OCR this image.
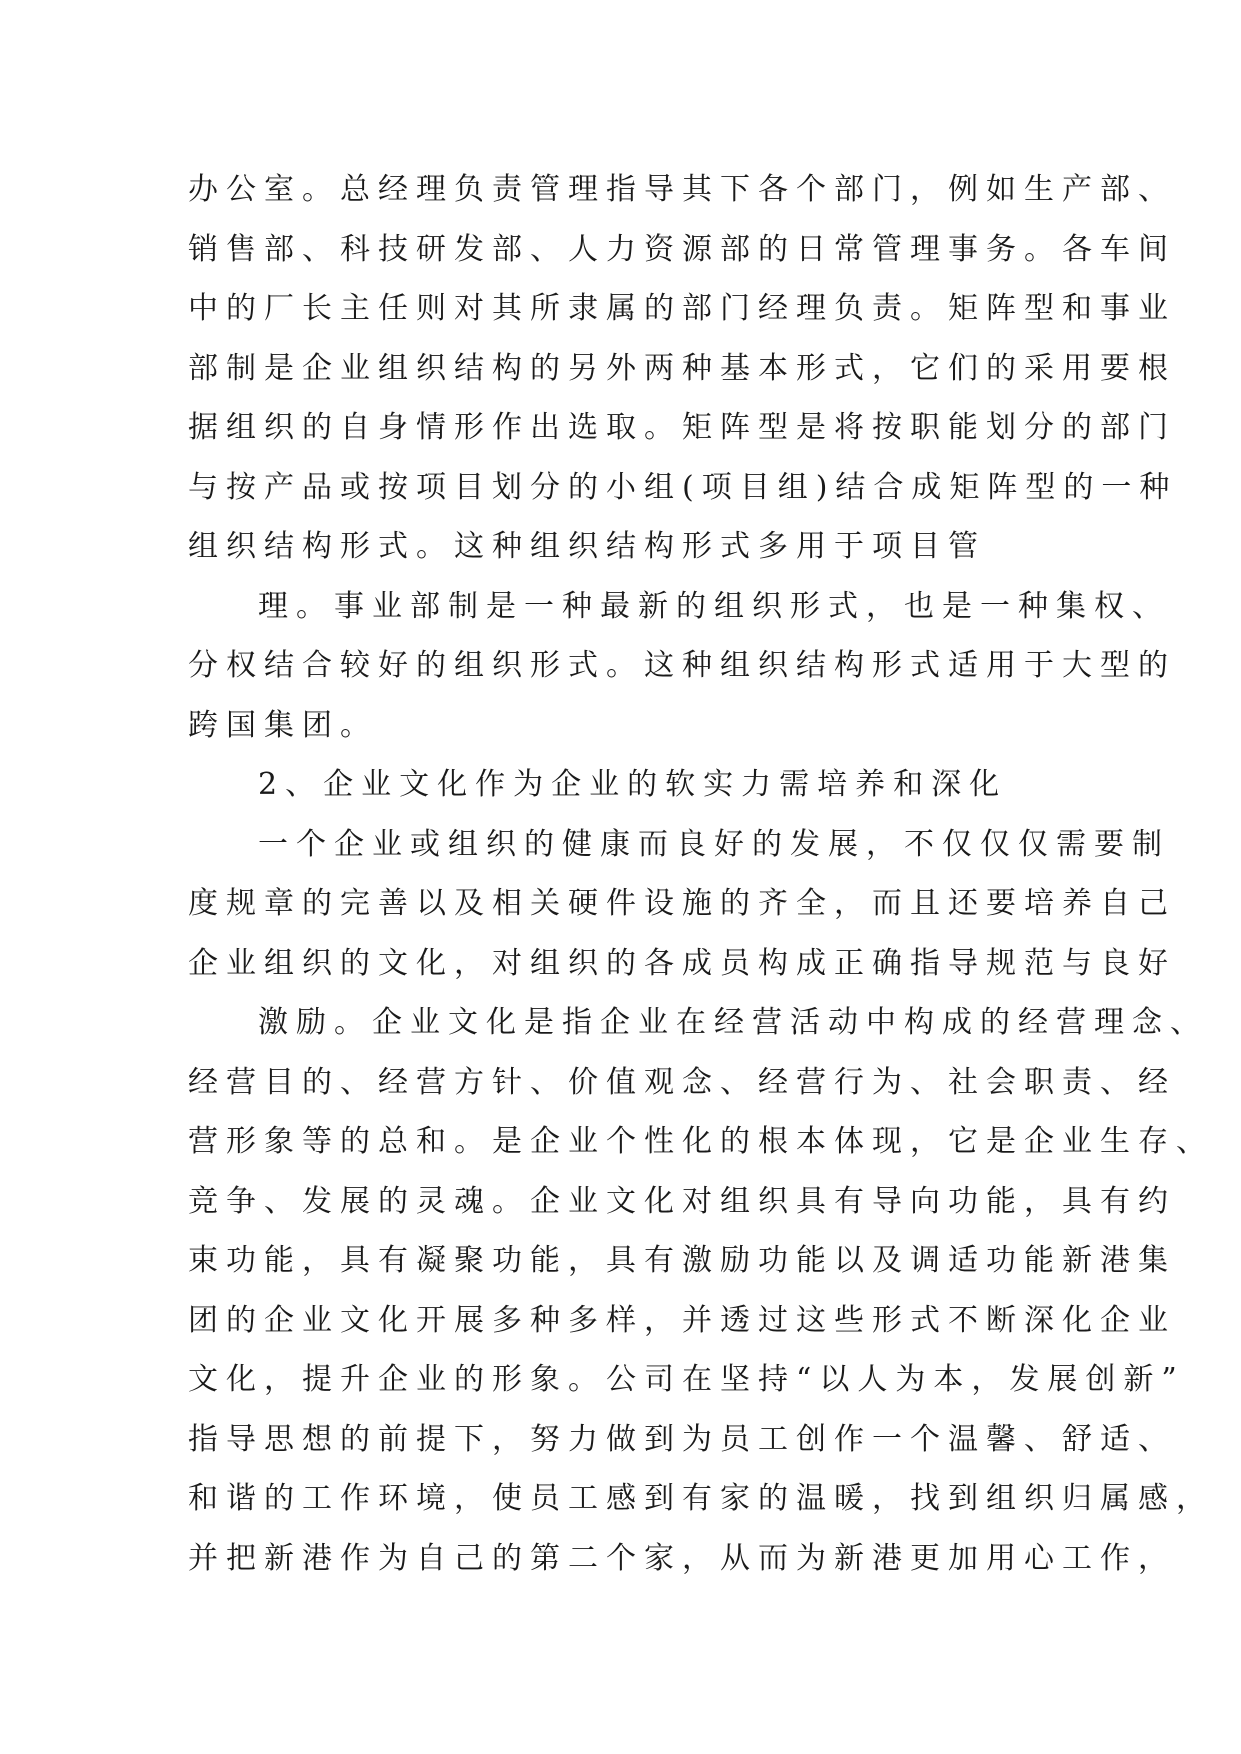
办公室。总经理负责管理指导其下各个部门，例如生产部、
销售部、科技研发部、人力资源部的日常管理事务。各车间
中的厂长主任则对其所隶属的部门经理负责。矩阵型和事业
部制是企业组织结构的另外两种基本形式，它们的采用要根
据组织的自身情形作出选取。矩阵型是将按职能划分的部门
与按产品或按项目划分的小组(项目组)结合成矩阵型的一种
组织结构形式。这种组织结构形式多用于项目管
理。事业部制是一种最新的组织形式，也是一种集权、
分权结合较好的组织形式。这种组织结构形式适用于大型的
跨国集团。
2、企业文化作为企业的软实力需培养和深化
一个企业或组织的健康而良好的发展，不仅仅仅需要制
度规章的完善以及相关硬件设施的齐全，而且还要培养自己
企业组织的文化，对组织的各成员构成正确指导规范与良好
激励。企业文化是指企业在经营活动中构成的经营理念、
经营目的、经营方针、价值观念、经营行为、社会职责、经
营形象等的总和。是企业个性化的根本体现，它是企业生存、
竞争、发展的灵魂。企业文化对组织具有导向功能，具有约
束功能，具有凝聚功能，具有激励功能以及调适功能新港集
团的企业文化开展多种多样，并透过这些形式不断深化企业
文化，提升企业的形象。公司在坚持“以人为本，发展创新”
指导思想的前提下，努力做到为员工创作一个温馨、舒适、
和谐的工作环境，使员工感到有家的温暖，找到组织归属感，
并把新港作为自己的第二个家，从而为新港更加用心工作，
